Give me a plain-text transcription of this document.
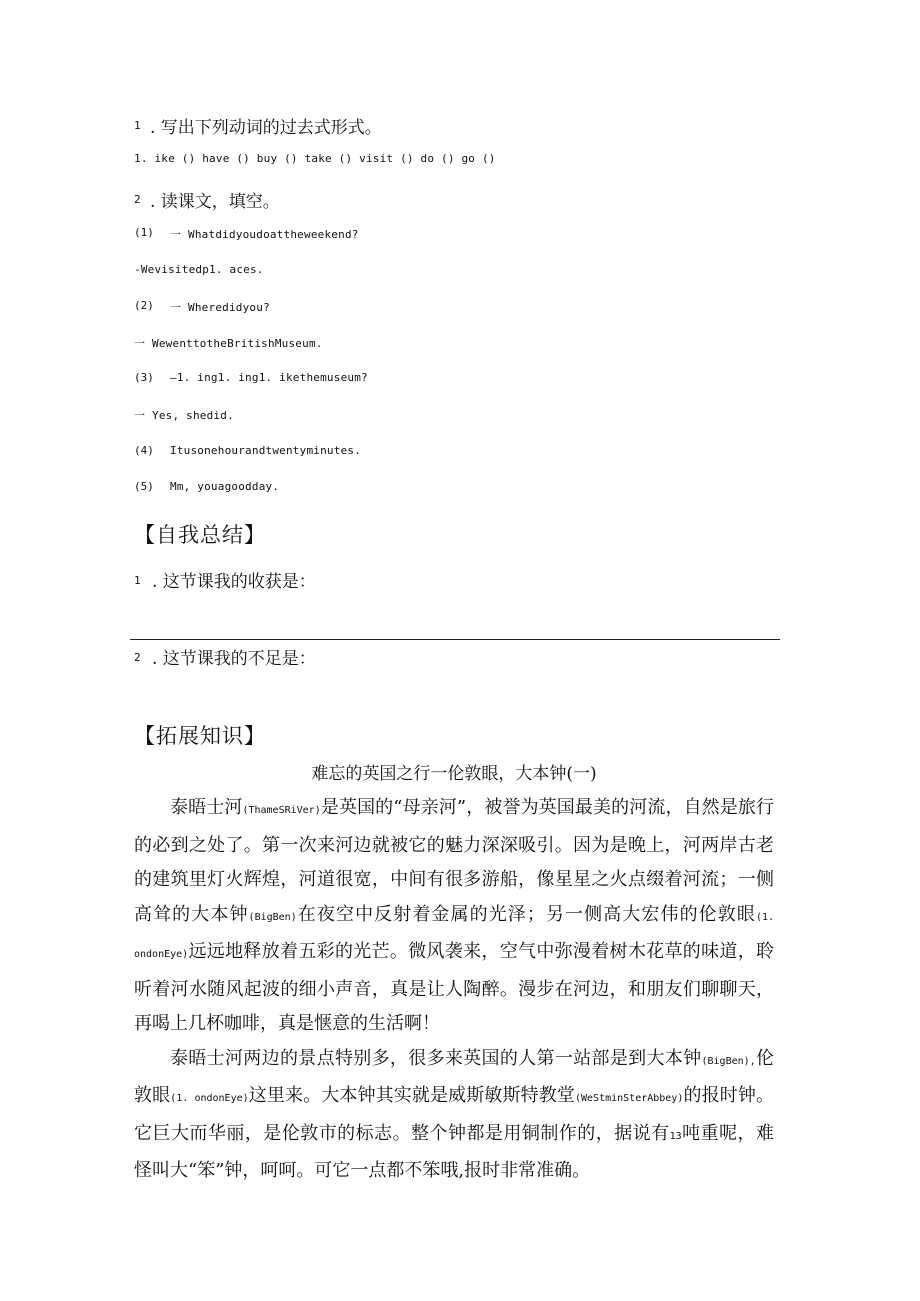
1 . 写出下列动词的过去式形式。
1. ike () have () buy () take () visit () do () go ()
2 . 读课文，填空。
(1) 一 Whatdidyoudoattheweekend?
-Wevisitedp1. aces.
(2) 一 Wheredidyou?
一 WewenttotheBritishMuseum.
(3) —1. ing1. ing1. ikethemuseum?
一 Yes, shedid.
(4) Itusonehourandtwentyminutes.
(5) Mm, youagoodday.
【自我总结】
1 . 这节课我的收获是：
2 . 这节课我的不足是：
【拓展知识】
难忘的英国之行一伦敦眼，大本钟(一)

泰晤士河(ThameSRiVer)是英国的“母亲河”，被誉为英国最美的河流，自然是旅行的必到之处了。第一次来河边就被它的魅力深深吸引。因为是晚上，河两岸古老的建筑里灯火辉煌，河道很宽，中间有很多游船，像星星之火点缀着河流；一侧高耸的大本钟(BigBen)在夜空中反射着金属的光泽；另一侧高大宏伟的伦敦眼(1. ondonEye)远远地释放着五彩的光芒。微风袭来，空气中弥漫着树木花草的味道，聆听着河水随风起波的细小声音，真是让人陶醉。漫步在河边，和朋友们聊聊天，再喝上几杯咖啡，真是惬意的生活啊！

泰晤士河两边的景点特别多，很多来英国的人第一站部是到大本钟(BigBen),伦敦眼(1. ondonEye)这里来。大本钟其实就是威斯敏斯特教堂(WeStminSterAbbey)的报时钟。它巨大而华丽，是伦敦市的标志。整个钟都是用铜制作的，据说有13吨重呢，难怪叫大“笨”钟，呵呵。可它一点都不笨哦,报时非常准确。
